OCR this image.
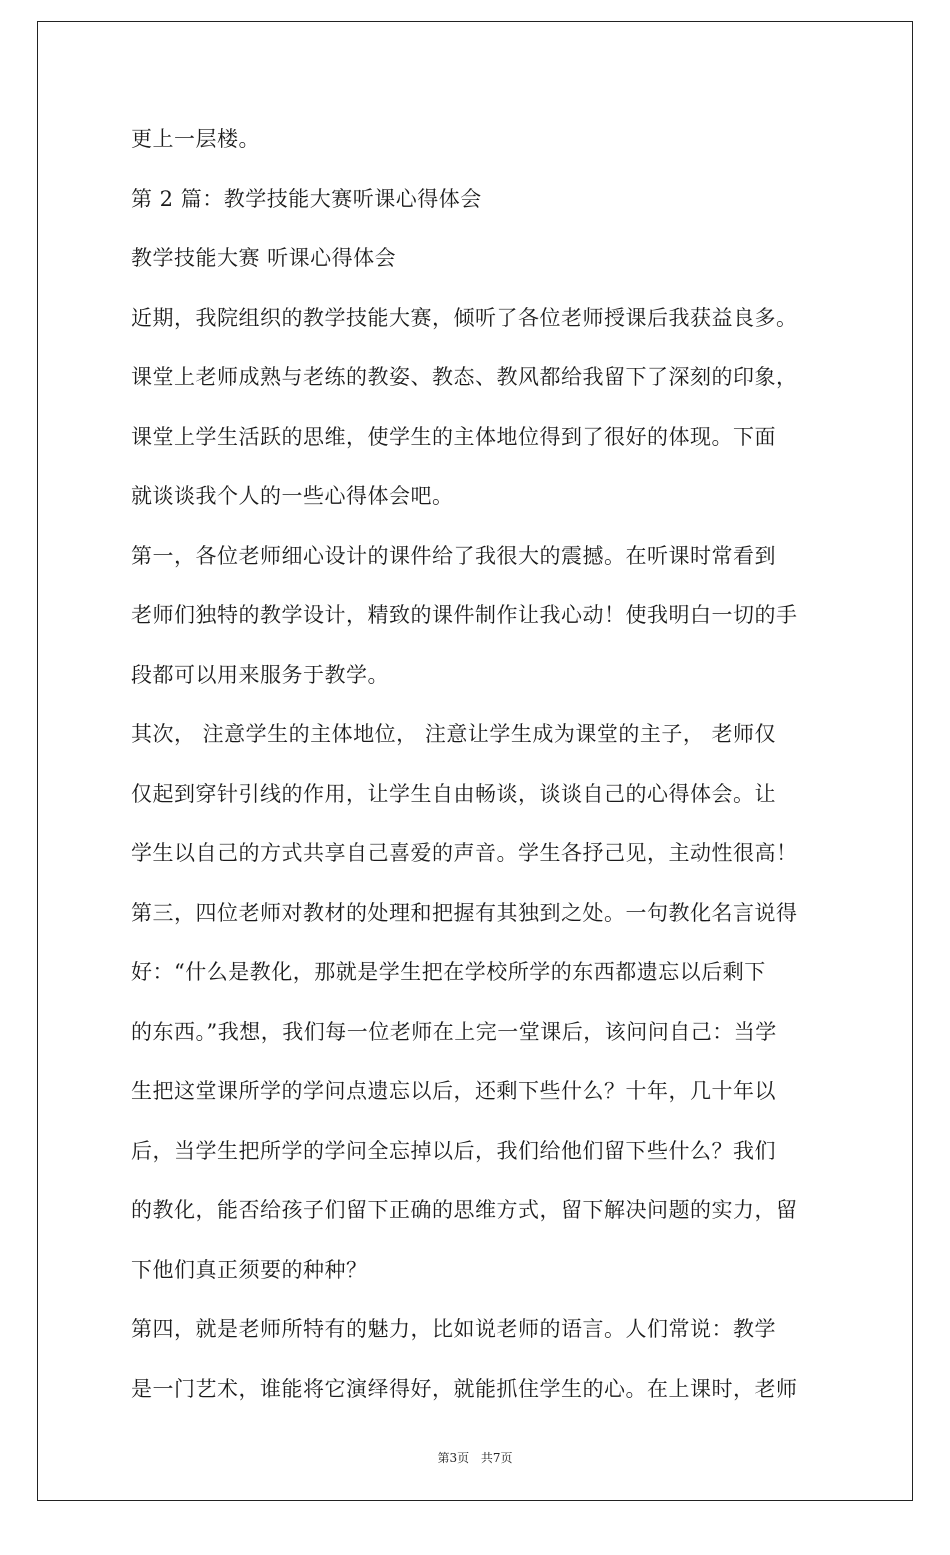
更上一层楼。
第 2 篇：教学技能大赛听课心得体会
教学技能大赛 听课心得体会
近期，我院组织的教学技能大赛，倾听了各位老师授课后我获益良多。
课堂上老师成熟与老练的教姿、教态、教风都给我留下了深刻的印象，
课堂上学生活跃的思维，使学生的主体地位得到了很好的体现。下面
就谈谈我个人的一些心得体会吧。
第一，各位老师细心设计的课件给了我很大的震撼。在听课时常看到
老师们独特的教学设计，精致的课件制作让我心动！使我明白一切的手
段都可以用来服务于教学。
其次， 注意学生的主体地位， 注意让学生成为课堂的主子， 老师仅
仅起到穿针引线的作用，让学生自由畅谈，谈谈自己的心得体会。让
学生以自己的方式共享自己喜爱的声音。学生各抒己见，主动性很高！
第三，四位老师对教材的处理和把握有其独到之处。一句教化名言说得
好：“什么是教化，那就是学生把在学校所学的东西都遗忘以后剩下
的东西。”我想，我们每一位老师在上完一堂课后，该问问自己：当学
生把这堂课所学的学问点遗忘以后，还剩下些什么？十年，几十年以
后，当学生把所学的学问全忘掉以后，我们给他们留下些什么？我们
的教化，能否给孩子们留下正确的思维方式，留下解决问题的实力，留
下他们真正须要的种种？
第四，就是老师所特有的魅力，比如说老师的语言。人们常说：教学
是一门艺术，谁能将它演绎得好，就能抓住学生的心。在上课时，老师
第3页 共7页
